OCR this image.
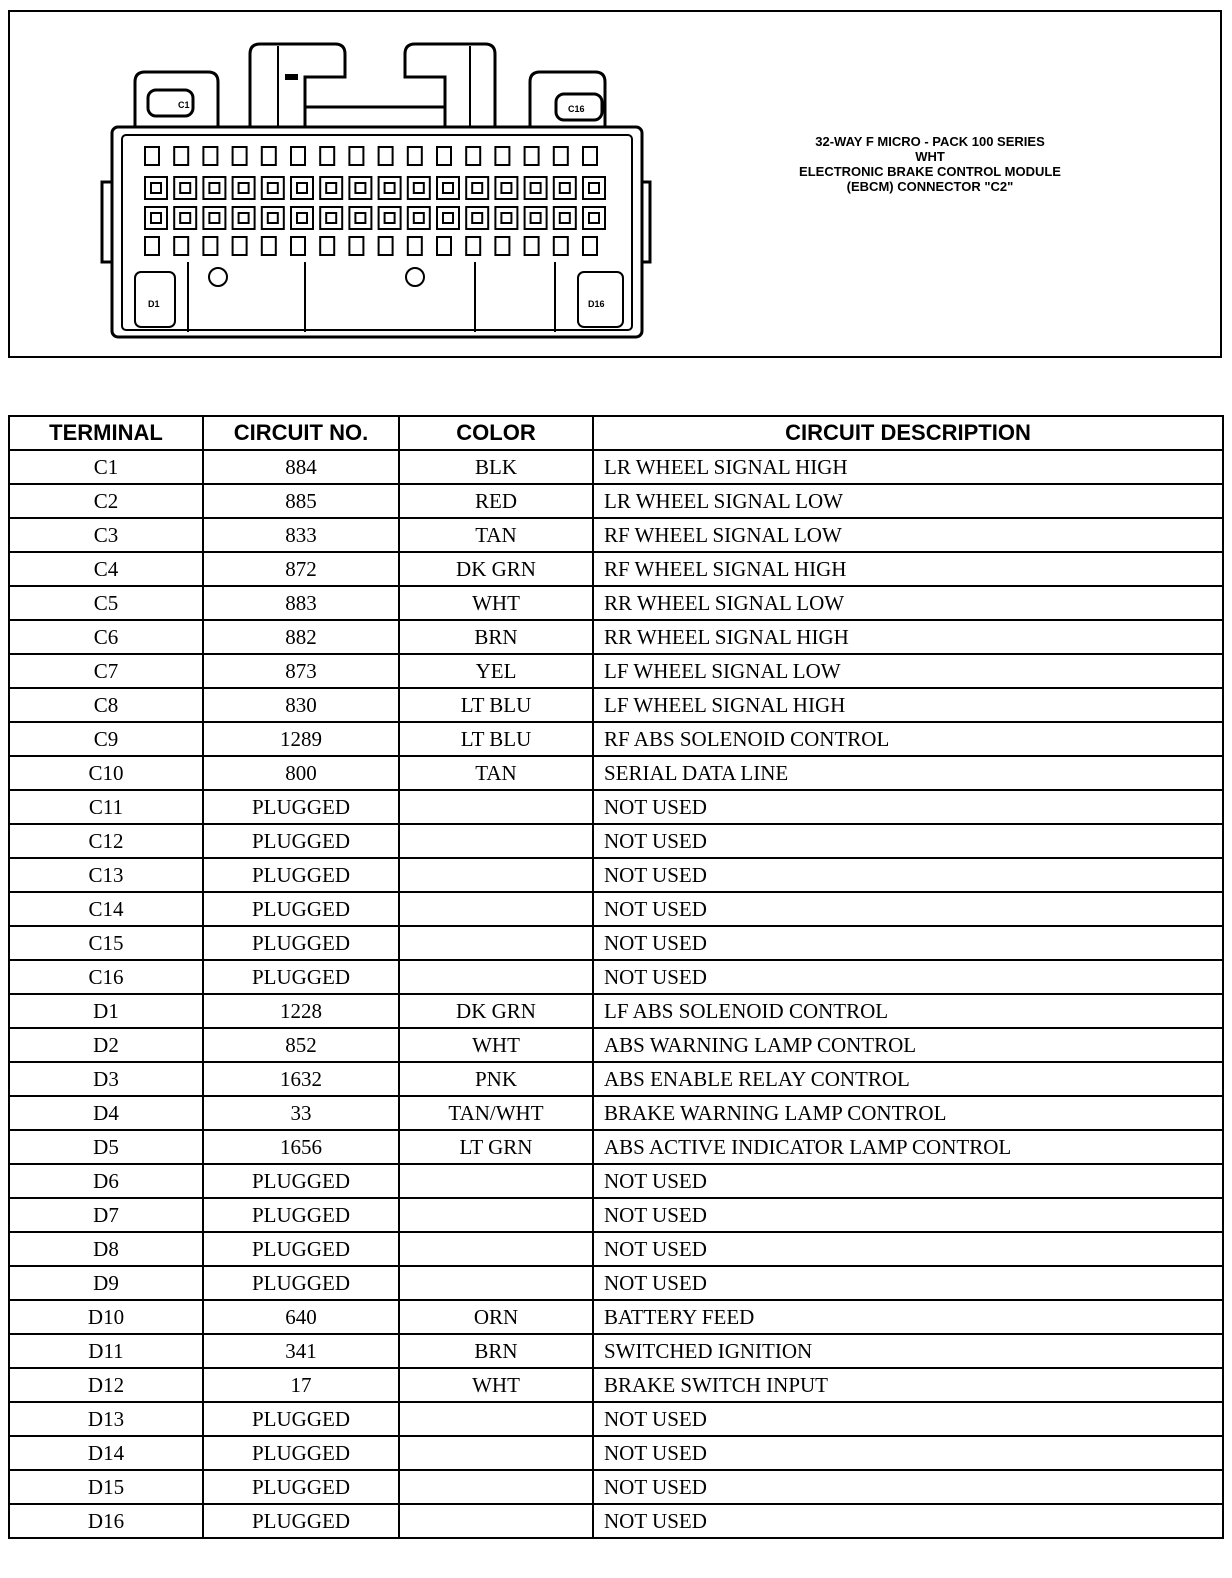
C1	C16
D1	D16
32-WAY F MICRO - PACK 100 SERIES
WHT
ELECTRONIC BRAKE CONTROL MODULE
(EBCM) CONNECTOR "C2"
TERMINAL	CIRCUIT NO.	COLOR	CIRCUIT DESCRIPTION
C1	884	BLK	LR WHEEL SIGNAL HIGH
C2	885	RED	LR WHEEL SIGNAL LOW
C3	833	TAN	RF WHEEL SIGNAL LOW
C4	872	DK GRN	RF WHEEL SIGNAL HIGH
C5	883	WHT	RR WHEEL SIGNAL LOW
C6	882	BRN	RR WHEEL SIGNAL HIGH
C7	873	YEL	LF WHEEL SIGNAL LOW
C8	830	LT BLU	LF WHEEL SIGNAL HIGH
C9	1289	LT BLU	RF ABS SOLENOID CONTROL
C10	800	TAN	SERIAL DATA LINE
C11	PLUGGED		NOT USED
C12	PLUGGED		NOT USED
C13	PLUGGED		NOT USED
C14	PLUGGED		NOT USED
C15	PLUGGED		NOT USED
C16	PLUGGED		NOT USED
D1	1228	DK GRN	LF ABS SOLENOID CONTROL
D2	852	WHT	ABS WARNING LAMP CONTROL
D3	1632	PNK	ABS ENABLE RELAY CONTROL
D4	33	TAN/WHT	BRAKE WARNING LAMP CONTROL
D5	1656	LT GRN	ABS ACTIVE INDICATOR LAMP CONTROL
D6	PLUGGED		NOT USED
D7	PLUGGED		NOT USED
D8	PLUGGED		NOT USED
D9	PLUGGED		NOT USED
D10	640	ORN	BATTERY FEED
D11	341	BRN	SWITCHED IGNITION
D12	17	WHT	BRAKE SWITCH INPUT
D13	PLUGGED		NOT USED
D14	PLUGGED		NOT USED
D15	PLUGGED		NOT USED
D16	PLUGGED		NOT USED
